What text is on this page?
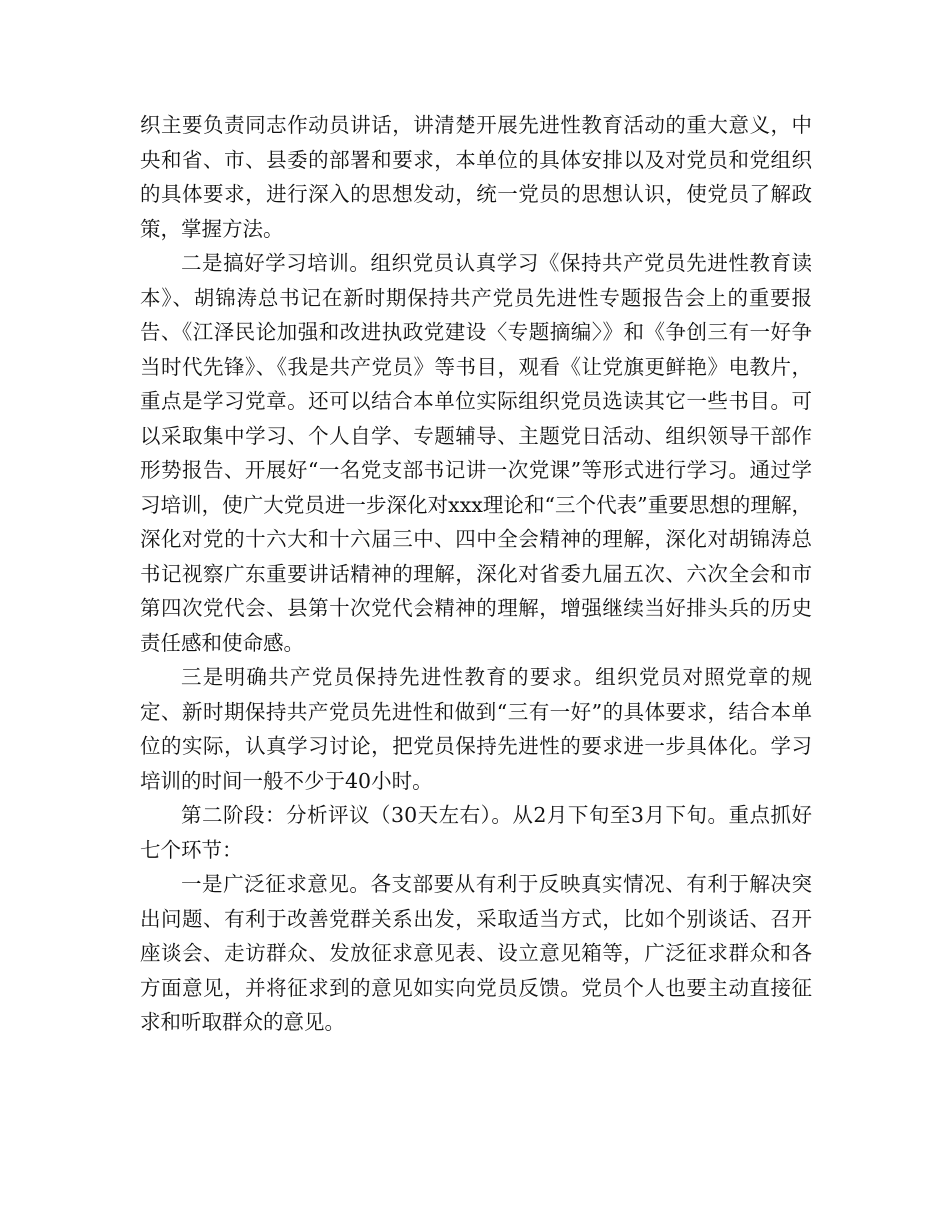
织主要负责同志作动员讲话，讲清楚开展先进性教育活动的重大意义，中央和省、市、县委的部署和要求，本单位的具体安排以及对党员和党组织的具体要求，进行深入的思想发动，统一党员的思想认识，使党员了解政策，掌握方法。

二是搞好学习培训。组织党员认真学习《保持共产党员先进性教育读本》、胡锦涛总书记在新时期保持共产党员先进性专题报告会上的重要报告、《江泽民论加强和改进执政党建设〈专题摘编〉》和《争创三有一好争当时代先锋》、《我是共产党员》等书目，观看《让党旗更鲜艳》电教片，重点是学习党章。还可以结合本单位实际组织党员选读其它一些书目。可以采取集中学习、个人自学、专题辅导、主题党日活动、组织领导干部作形势报告、开展好“一名党支部书记讲一次党课”等形式进行学习。通过学习培训，使广大党员进一步深化对xxx理论和“三个代表”重要思想的理解，深化对党的十六大和十六届三中、四中全会精神的理解，深化对胡锦涛总书记视察广东重要讲话精神的理解，深化对省委九届五次、六次全会和市第四次党代会、县第十次党代会精神的理解，增强继续当好排头兵的历史责任感和使命感。

三是明确共产党员保持先进性教育的要求。组织党员对照党章的规定、新时期保持共产党员先进性和做到“三有一好”的具体要求，结合本单位的实际，认真学习讨论，把党员保持先进性的要求进一步具体化。学习培训的时间一般不少于40小时。

第二阶段：分析评议（30天左右）。从2月下旬至3月下旬。重点抓好七个环节：

一是广泛征求意见。各支部要从有利于反映真实情况、有利于解决突出问题、有利于改善党群关系出发，采取适当方式，比如个别谈话、召开座谈会、走访群众、发放征求意见表、设立意见箱等，广泛征求群众和各方面意见，并将征求到的意见如实向党员反馈。党员个人也要主动直接征求和听取群众的意见。
